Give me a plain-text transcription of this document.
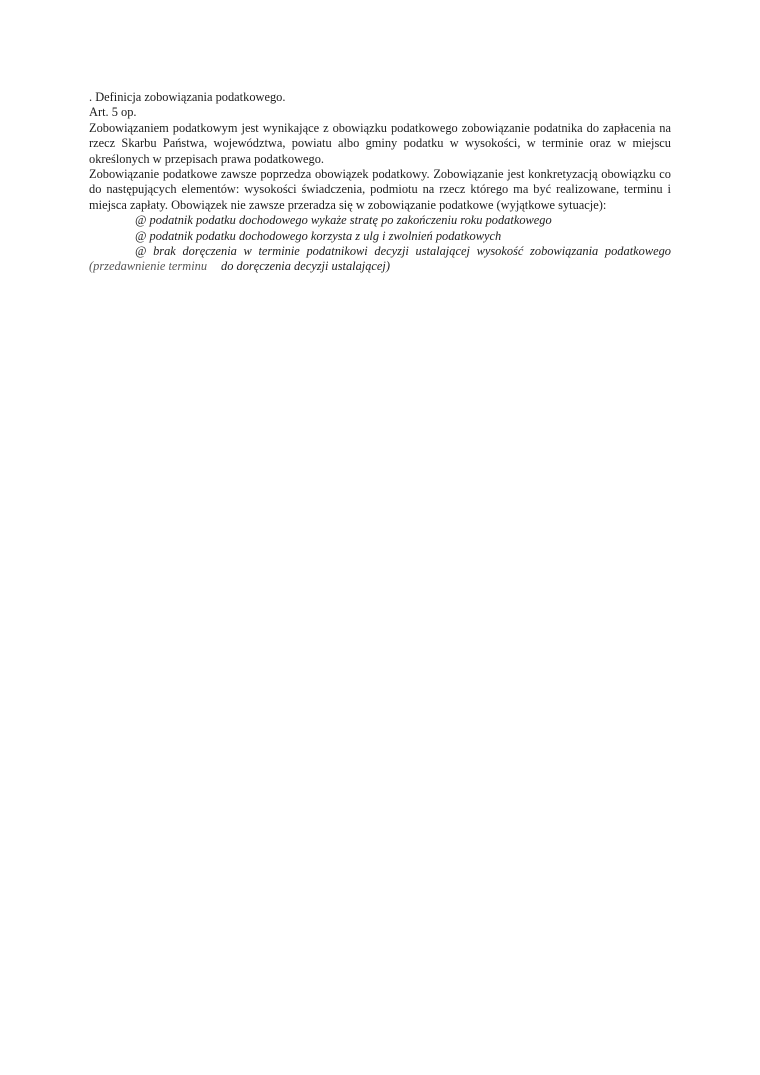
. Definicja zobowiązania podatkowego.

Art. 5 op.

Zobowiązaniem podatkowym jest wynikające z obowiązku podatkowego zobowiązanie podatnika do zapłacenia na rzecz Skarbu Państwa, województwa, powiatu albo gminy podatku w wysokości, w terminie oraz w miejscu określonych w przepisach prawa podatkowego.

Zobowiązanie podatkowe zawsze poprzedza obowiązek podatkowy. Zobowiązanie jest konkretyzacją obowiązku co do następujących elementów: wysokości świadczenia, podmiotu na rzecz którego ma być realizowane, terminu i miejsca zapłaty. Obowiązek nie zawsze przeradza się w zobowiązanie podatkowe (wyjątkowe sytuacje):

@ podatnik podatku dochodowego wykaże stratę po zakończeniu roku podatkowego

@ podatnik podatku dochodowego korzysta z ulg i zwolnień podatkowych

@ brak doręczenia w terminie podatnikowi decyzji ustalającej wysokość zobowiązania podatkowego (przedawnienie terminu do doręczenia decyzji ustalającej)
